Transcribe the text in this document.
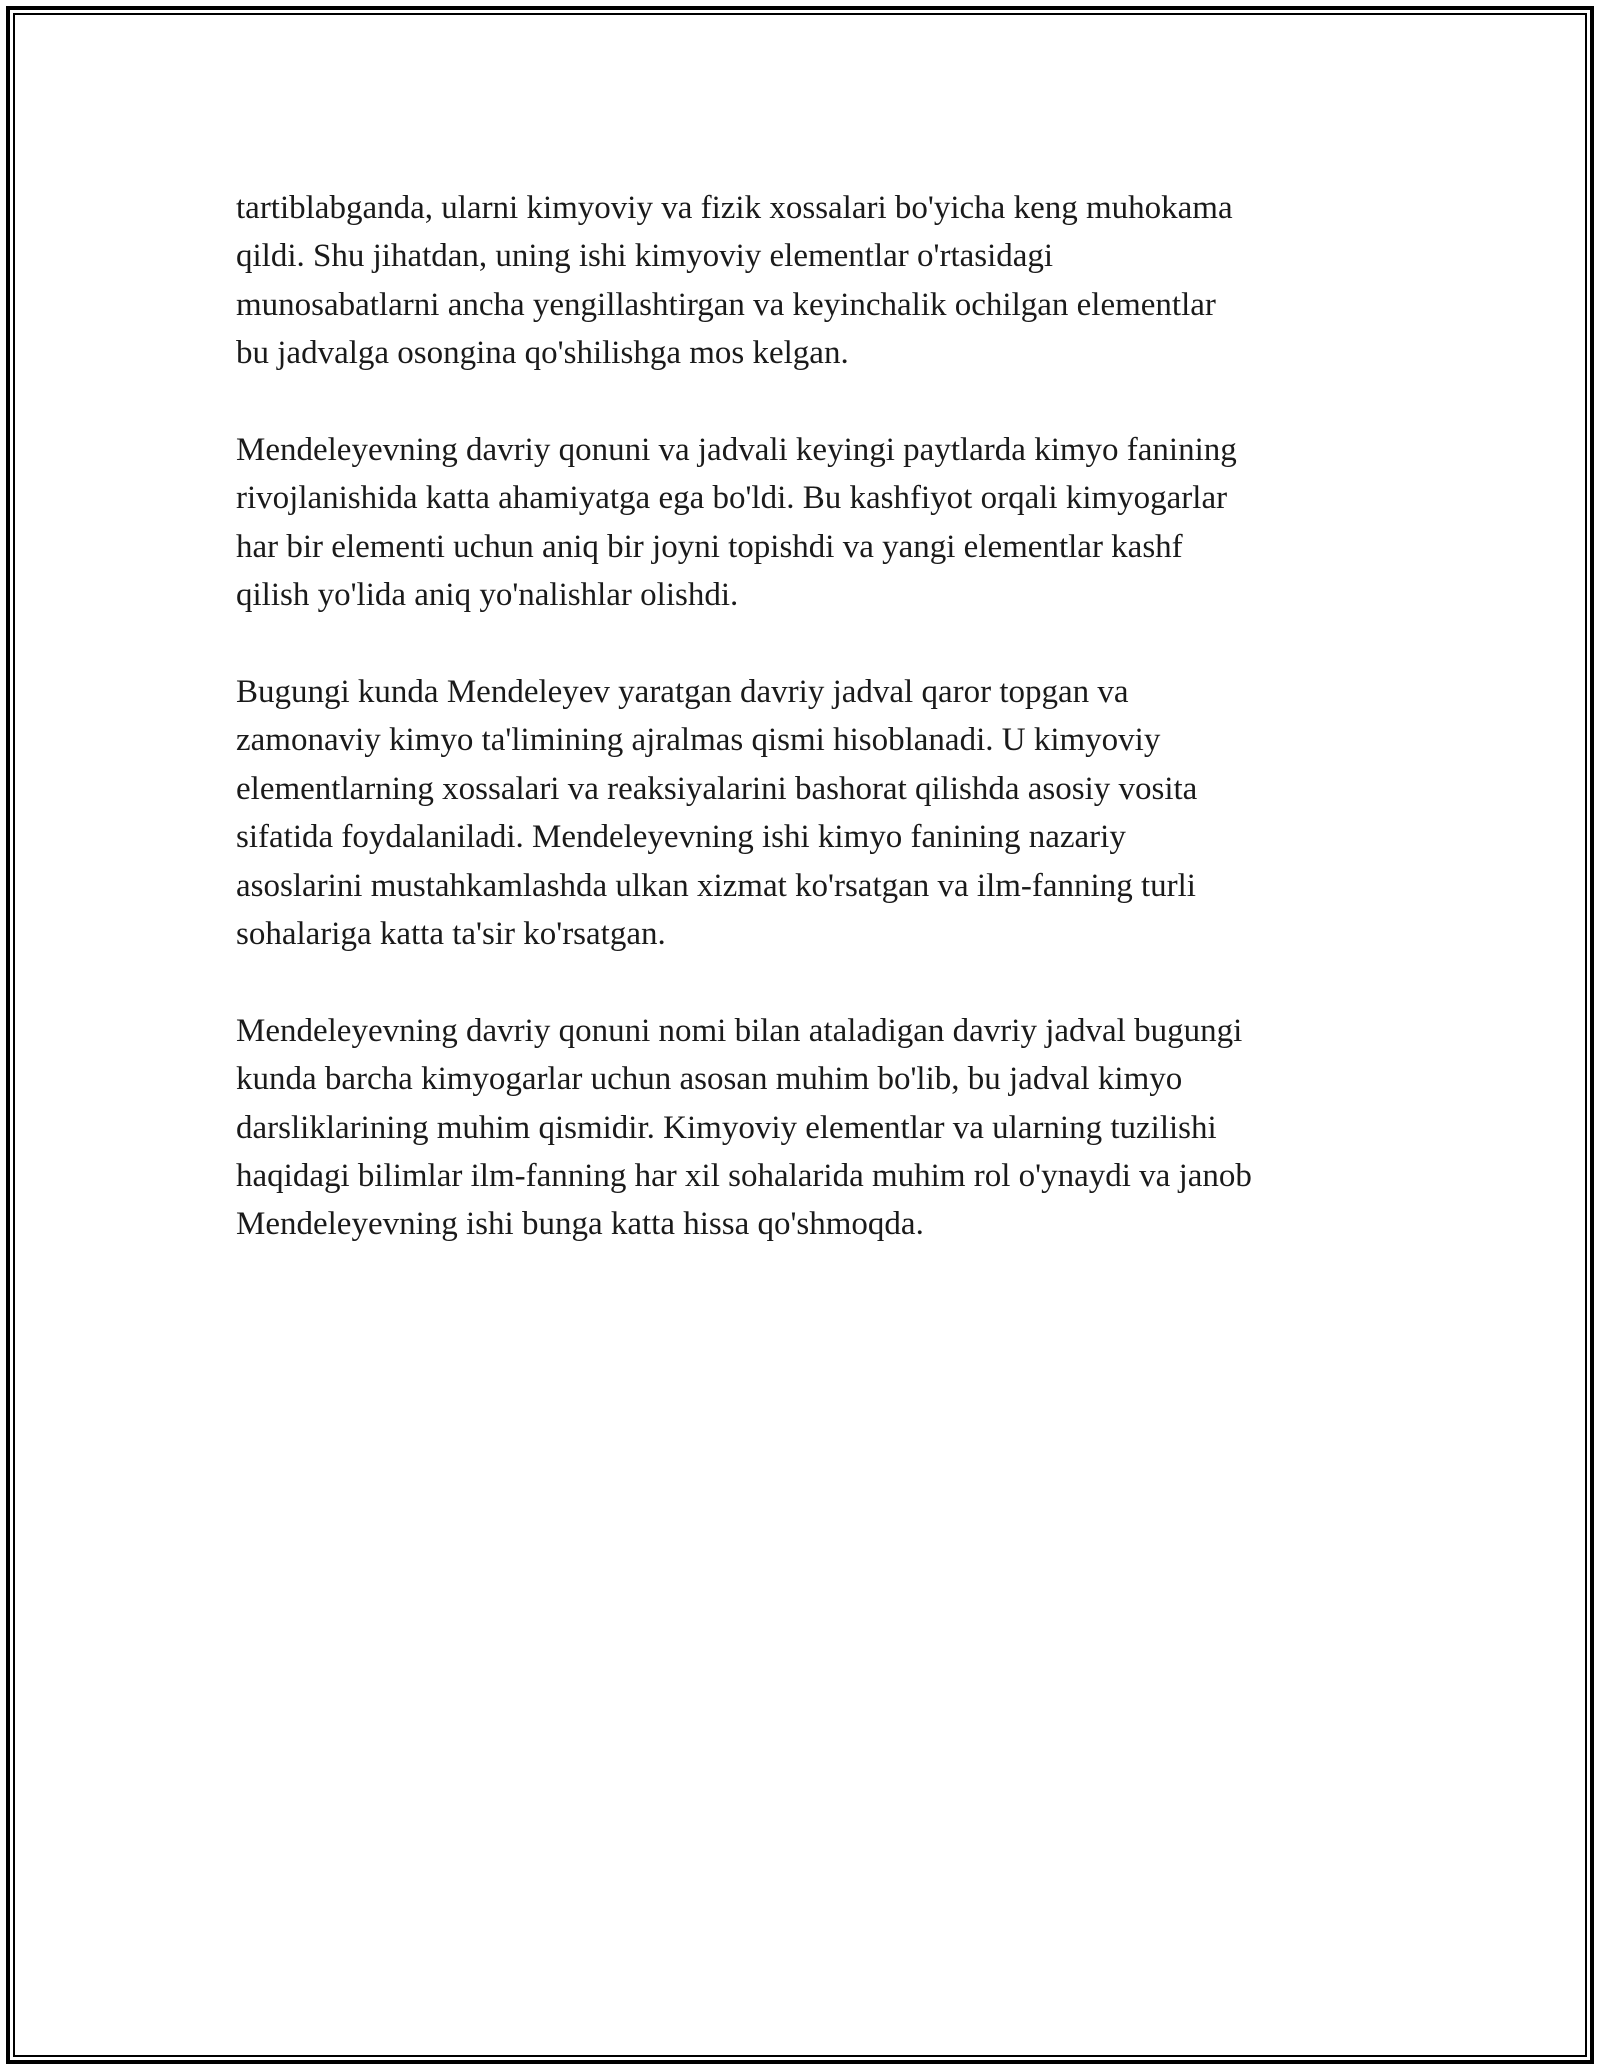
tartiblabganda, ularni kimyoviy va fizik xossalari bo'yicha keng muhokama
qildi. Shu jihatdan, uning ishi kimyoviy elementlar o'rtasidagi
munosabatlarni ancha yengillashtirgan va keyinchalik ochilgan elementlar
bu jadvalga osongina qo'shilishga mos kelgan.

Mendeleyevning davriy qonuni va jadvali keyingi paytlarda kimyo fanining
rivojlanishida katta ahamiyatga ega bo'ldi. Bu kashfiyot orqali kimyogarlar
har bir elementi uchun aniq bir joyni topishdi va yangi elementlar kashf
qilish yo'lida aniq yo'nalishlar olishdi.

Bugungi kunda Mendeleyev yaratgan davriy jadval qaror topgan va
zamonaviy kimyo ta'limining ajralmas qismi hisoblanadi. U kimyoviy
elementlarning xossalari va reaksiyalarini bashorat qilishda asosiy vosita
sifatida foydalaniladi. Mendeleyevning ishi kimyo fanining nazariy
asoslarini mustahkamlashda ulkan xizmat ko'rsatgan va ilm-fanning turli
sohalariga katta ta'sir ko'rsatgan.

Mendeleyevning davriy qonuni nomi bilan ataladigan davriy jadval bugungi
kunda barcha kimyogarlar uchun asosan muhim bo'lib, bu jadval kimyo
darsliklarining muhim qismidir. Kimyoviy elementlar va ularning tuzilishi
haqidagi bilimlar ilm-fanning har xil sohalarida muhim rol o'ynaydi va janob
Mendeleyevning ishi bunga katta hissa qo'shmoqda.
